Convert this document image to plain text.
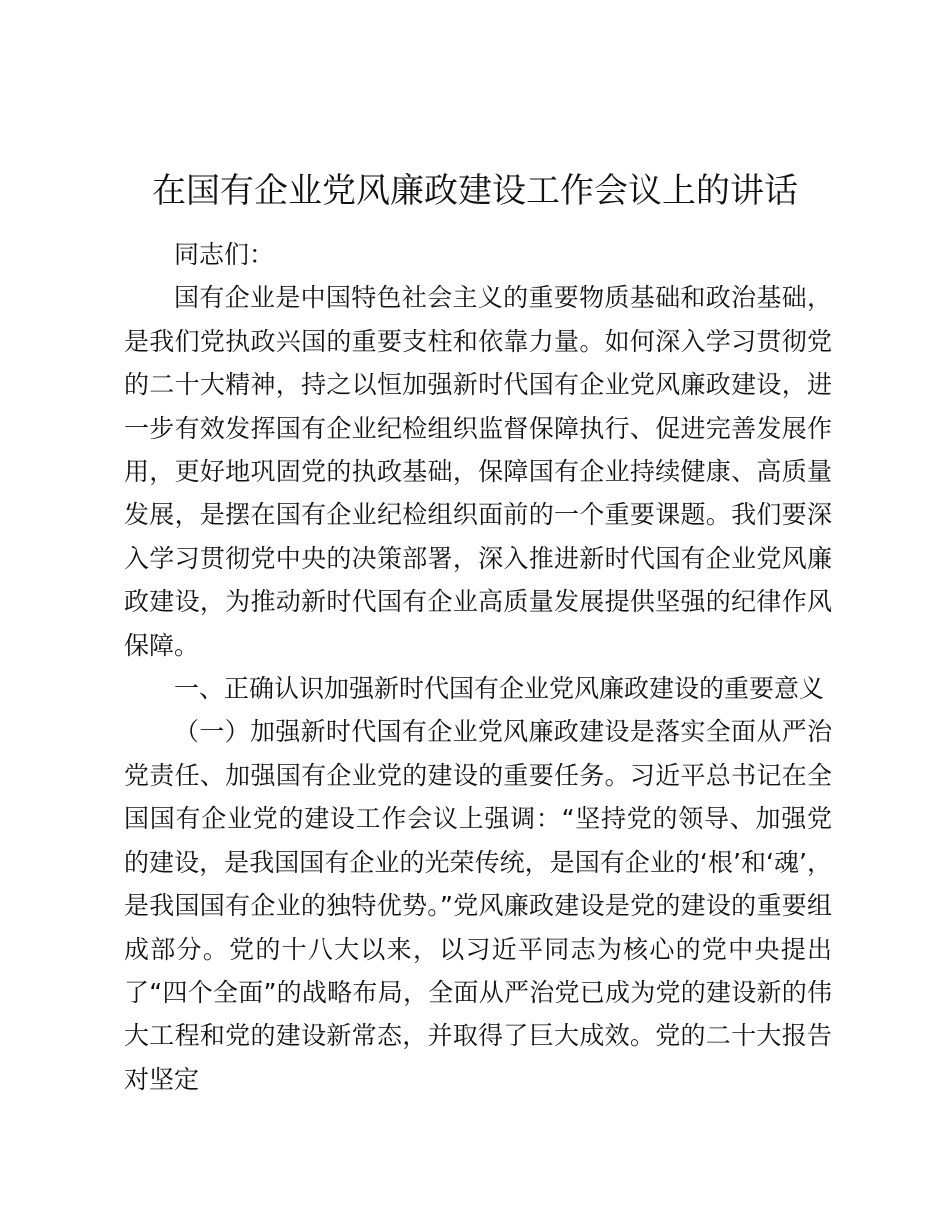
在国有企业党风廉政建设工作会议上的讲话

同志们：

国有企业是中国特色社会主义的重要物质基础和政治基础，是我们党执政兴国的重要支柱和依靠力量。如何深入学习贯彻党的二十大精神，持之以恒加强新时代国有企业党风廉政建设，进一步有效发挥国有企业纪检组织监督保障执行、促进完善发展作用，更好地巩固党的执政基础，保障国有企业持续健康、高质量发展，是摆在国有企业纪检组织面前的一个重要课题。我们要深入学习贯彻党中央的决策部署，深入推进新时代国有企业党风廉政建设，为推动新时代国有企业高质量发展提供坚强的纪律作风保障。

一、正确认识加强新时代国有企业党风廉政建设的重要意义

（一）加强新时代国有企业党风廉政建设是落实全面从严治党责任、加强国有企业党的建设的重要任务。习近平总书记在全国国有企业党的建设工作会议上强调：“坚持党的领导、加强党的建设，是我国国有企业的光荣传统，是国有企业的‘根’和‘魂’，是我国国有企业的独特优势。”党风廉政建设是党的建设的重要组成部分。党的十八大以来，以习近平同志为核心的党中央提出了“四个全面”的战略布局，全面从严治党已成为党的建设新的伟大工程和党的建设新常态，并取得了巨大成效。党的二十大报告对坚定
